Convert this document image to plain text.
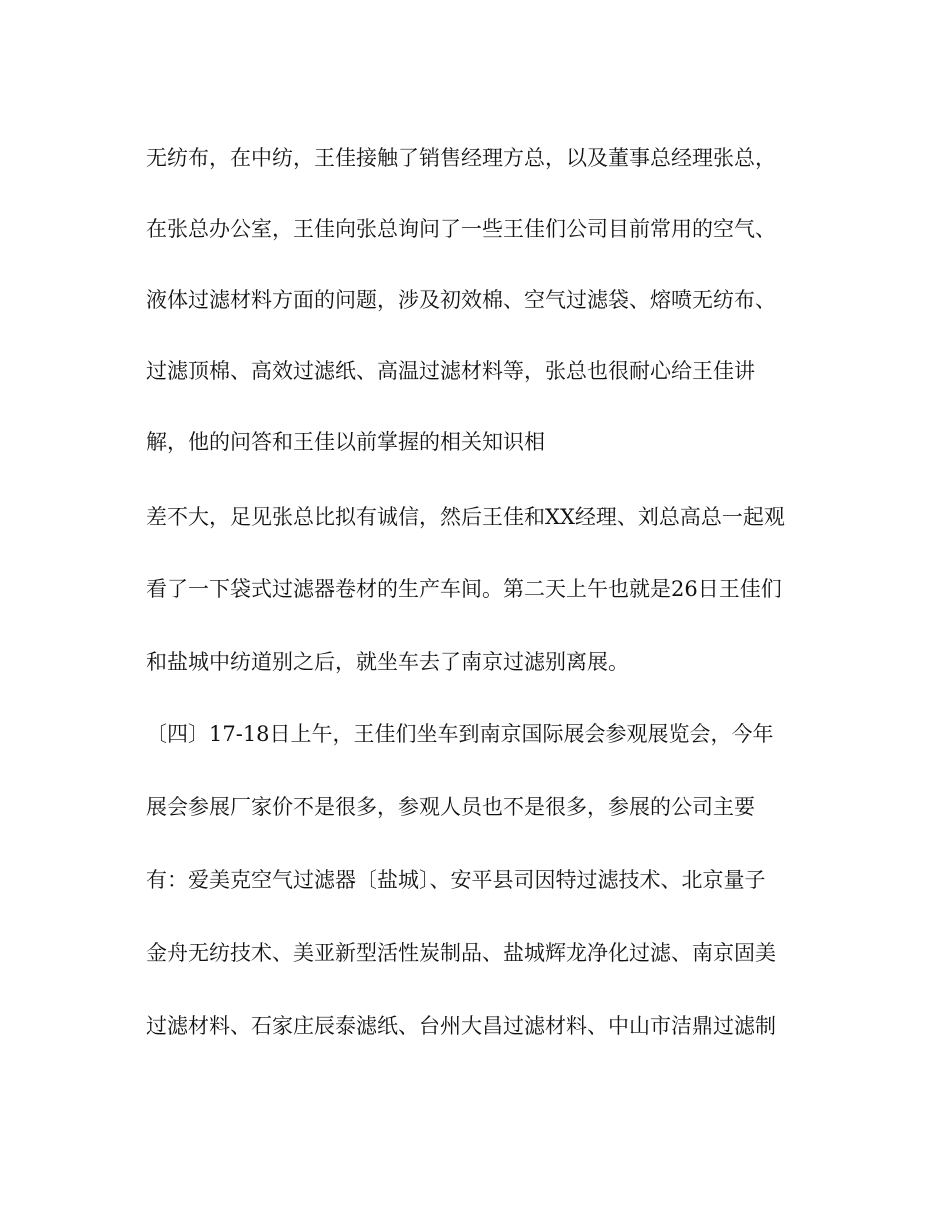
无纺布，在中纺，王佳接触了销售经理方总，以及董事总经理张总，

在张总办公室，王佳向张总询问了一些王佳们公司目前常用的空气、

液体过滤材料方面的问题，涉及初效棉、空气过滤袋、熔喷无纺布、

过滤顶棉、高效过滤纸、高温过滤材料等，张总也很耐心给王佳讲

解，他的问答和王佳以前掌握的相关知识相

差不大，足见张总比拟有诚信，然后王佳和XX经理、刘总高总一起观

看了一下袋式过滤器卷材的生产车间。第二天上午也就是26日王佳们

和盐城中纺道别之后，就坐车去了南京过滤别离展。

〔四〕17-18日上午，王佳们坐车到南京国际展会参观展览会，今年

展会参展厂家价不是很多，参观人员也不是很多，参展的公司主要

有：爱美克空气过滤器〔盐城〕、安平县司因特过滤技术、北京量子

金舟无纺技术、美亚新型活性炭制品、盐城辉龙净化过滤、南京固美

过滤材料、石家庄辰泰滤纸、台州大昌过滤材料、中山市洁鼎过滤制
